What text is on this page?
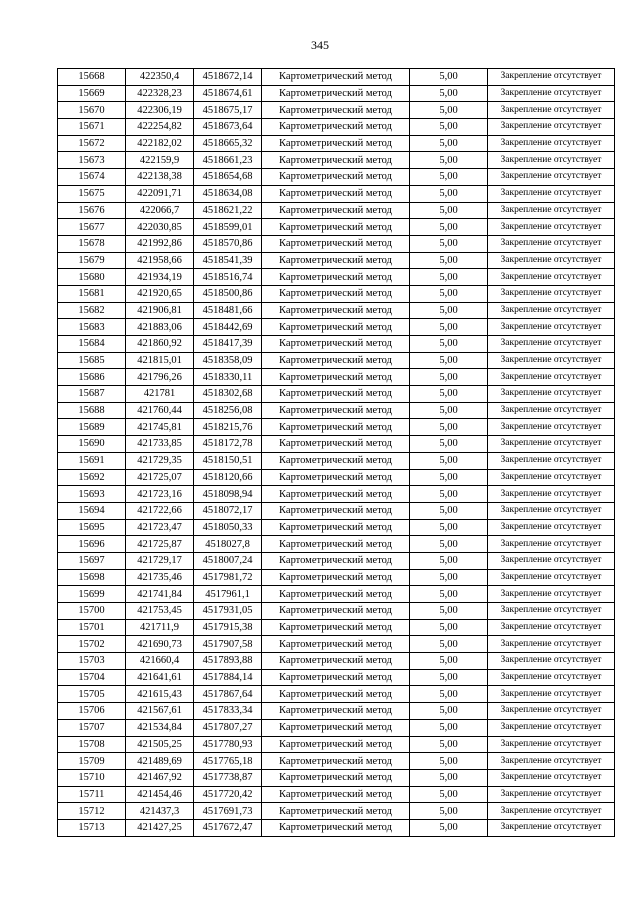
345
15668	422350,4	4518672,14	Картометрический метод	5,00	Закрепление отсутствует
15669	422328,23	4518674,61	Картометрический метод	5,00	Закрепление отсутствует
15670	422306,19	4518675,17	Картометрический метод	5,00	Закрепление отсутствует
15671	422254,82	4518673,64	Картометрический метод	5,00	Закрепление отсутствует
15672	422182,02	4518665,32	Картометрический метод	5,00	Закрепление отсутствует
15673	422159,9	4518661,23	Картометрический метод	5,00	Закрепление отсутствует
15674	422138,38	4518654,68	Картометрический метод	5,00	Закрепление отсутствует
15675	422091,71	4518634,08	Картометрический метод	5,00	Закрепление отсутствует
15676	422066,7	4518621,22	Картометрический метод	5,00	Закрепление отсутствует
15677	422030,85	4518599,01	Картометрический метод	5,00	Закрепление отсутствует
15678	421992,86	4518570,86	Картометрический метод	5,00	Закрепление отсутствует
15679	421958,66	4518541,39	Картометрический метод	5,00	Закрепление отсутствует
15680	421934,19	4518516,74	Картометрический метод	5,00	Закрепление отсутствует
15681	421920,65	4518500,86	Картометрический метод	5,00	Закрепление отсутствует
15682	421906,81	4518481,66	Картометрический метод	5,00	Закрепление отсутствует
15683	421883,06	4518442,69	Картометрический метод	5,00	Закрепление отсутствует
15684	421860,92	4518417,39	Картометрический метод	5,00	Закрепление отсутствует
15685	421815,01	4518358,09	Картометрический метод	5,00	Закрепление отсутствует
15686	421796,26	4518330,11	Картометрический метод	5,00	Закрепление отсутствует
15687	421781	4518302,68	Картометрический метод	5,00	Закрепление отсутствует
15688	421760,44	4518256,08	Картометрический метод	5,00	Закрепление отсутствует
15689	421745,81	4518215,76	Картометрический метод	5,00	Закрепление отсутствует
15690	421733,85	4518172,78	Картометрический метод	5,00	Закрепление отсутствует
15691	421729,35	4518150,51	Картометрический метод	5,00	Закрепление отсутствует
15692	421725,07	4518120,66	Картометрический метод	5,00	Закрепление отсутствует
15693	421723,16	4518098,94	Картометрический метод	5,00	Закрепление отсутствует
15694	421722,66	4518072,17	Картометрический метод	5,00	Закрепление отсутствует
15695	421723,47	4518050,33	Картометрический метод	5,00	Закрепление отсутствует
15696	421725,87	4518027,8	Картометрический метод	5,00	Закрепление отсутствует
15697	421729,17	4518007,24	Картометрический метод	5,00	Закрепление отсутствует
15698	421735,46	4517981,72	Картометрический метод	5,00	Закрепление отсутствует
15699	421741,84	4517961,1	Картометрический метод	5,00	Закрепление отсутствует
15700	421753,45	4517931,05	Картометрический метод	5,00	Закрепление отсутствует
15701	421711,9	4517915,38	Картометрический метод	5,00	Закрепление отсутствует
15702	421690,73	4517907,58	Картометрический метод	5,00	Закрепление отсутствует
15703	421660,4	4517893,88	Картометрический метод	5,00	Закрепление отсутствует
15704	421641,61	4517884,14	Картометрический метод	5,00	Закрепление отсутствует
15705	421615,43	4517867,64	Картометрический метод	5,00	Закрепление отсутствует
15706	421567,61	4517833,34	Картометрический метод	5,00	Закрепление отсутствует
15707	421534,84	4517807,27	Картометрический метод	5,00	Закрепление отсутствует
15708	421505,25	4517780,93	Картометрический метод	5,00	Закрепление отсутствует
15709	421489,69	4517765,18	Картометрический метод	5,00	Закрепление отсутствует
15710	421467,92	4517738,87	Картометрический метод	5,00	Закрепление отсутствует
15711	421454,46	4517720,42	Картометрический метод	5,00	Закрепление отсутствует
15712	421437,3	4517691,73	Картометрический метод	5,00	Закрепление отсутствует
15713	421427,25	4517672,47	Картометрический метод	5,00	Закрепление отсутствует
